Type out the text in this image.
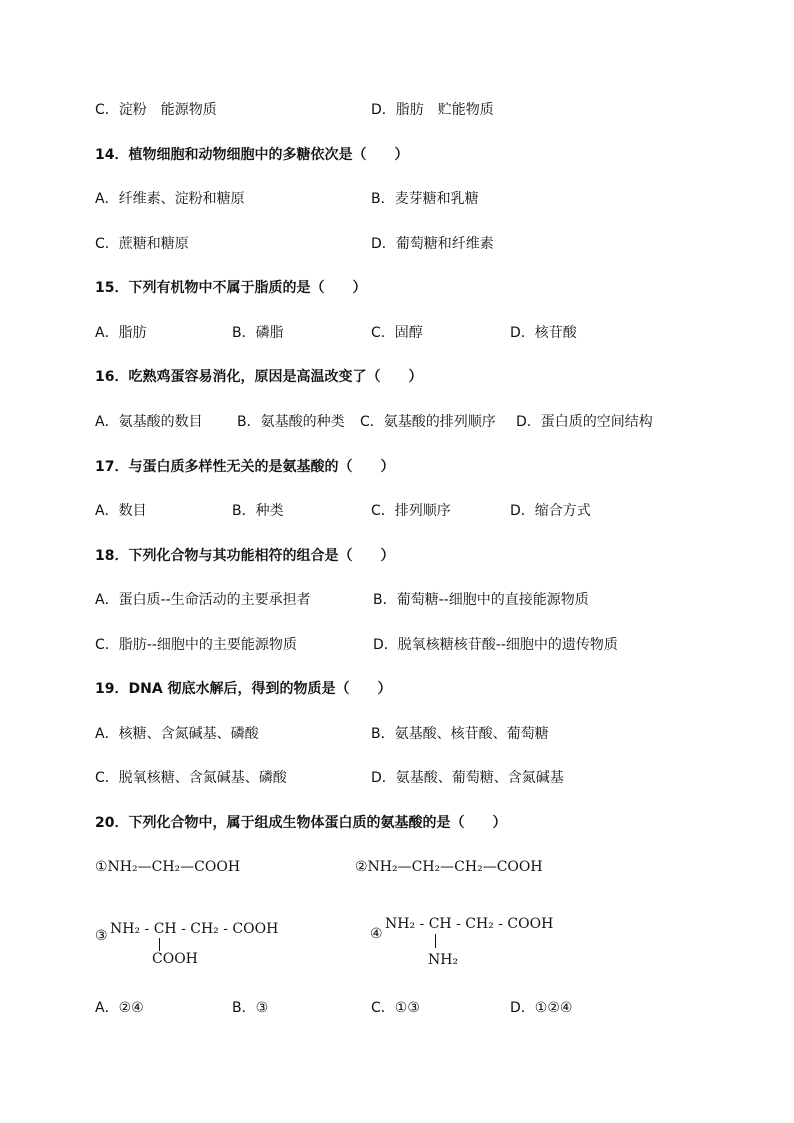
C．淀粉　能源物质	D．脂肪　贮能物质
14．植物细胞和动物细胞中的多糖依次是（　　）
A．纤维素、淀粉和糖原	B．麦芽糖和乳糖
C．蔗糖和糖原	D．葡萄糖和纤维素
15．下列有机物中不属于脂质的是（　　）
A．脂肪	B．磷脂	C．固醇	D．核苷酸
16．吃熟鸡蛋容易消化，原因是高温改变了（　　）
A．氨基酸的数目 B．氨基酸的种类 C．氨基酸的排列顺序 D．蛋白质的空间结构
17．与蛋白质多样性无关的是氨基酸的（　　）
A．数目	B．种类	C．排列顺序	D．缩合方式
18．下列化合物与其功能相符的组合是（　　）
A．蛋白质--生命活动的主要承担者	B．葡萄糖--细胞中的直接能源物质
C．脂肪--细胞中的主要能源物质	D．脱氧核糖核苷酸--细胞中的遗传物质
19．DNA 彻底水解后，得到的物质是（　　）
A．核糖、含氮碱基、磷酸	B．氨基酸、核苷酸、葡萄糖
C．脱氧核糖、含氮碱基、磷酸	D．氨基酸、葡萄糖、含氮碱基
20．下列化合物中，属于组成生物体蛋白质的氨基酸的是（　　）
A．②④	B．③	C．①③	D．①②④
①NH₂—CH₂—COOH	②NH₂—CH₂—CH₂—COOH
③ NH₂ - CH - CH₂ - COOH
COOH
④
NH₂ - CH - CH₂ - COOH
NH₂
